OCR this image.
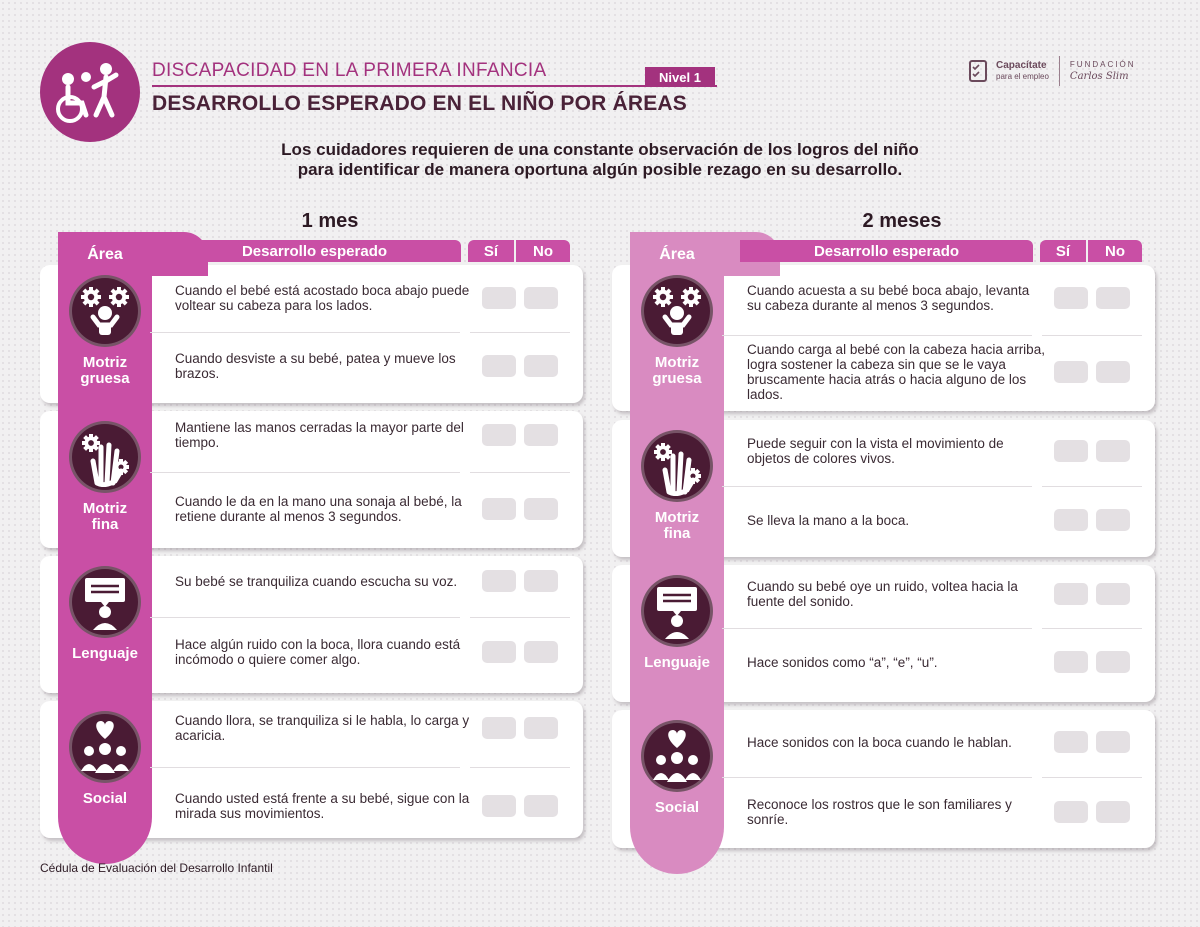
DISCAPACIDAD EN LA PRIMERA INFANCIA	Nivel 1
DESARROLLO ESPERADO EN EL NIÑO POR ÁREAS
Capacítate
para el empleo
FUNDACIÓN
Carlos Slim
Los cuidadores requieren de una constante observación de los logros del niño
para identificar de manera oportuna algún posible rezago en su desarrollo.
1 mes
Área	Desarrollo esperado	Sí	No
Motriz
gruesa
Cuando el bebé está acostado boca abajo puede voltear su cabeza para los lados.
Cuando desviste a su bebé, patea y mueve los brazos.
Motriz
fina
Mantiene las manos cerradas la mayor parte del tiempo.
Cuando le da en la mano una sonaja al bebé, la retiene durante al menos 3 segundos.
Lenguaje

Su bebé se tranquiliza cuando escucha su voz.
Hace algún ruido con la boca, llora cuando está incómodo o quiere comer algo.
Social

Cuando llora, se tranquiliza si le habla, lo carga y acaricia.
Cuando usted está frente a su bebé, sigue con la mirada sus movimientos.
2 meses
Área	Desarrollo esperado	Sí	No
Motriz
gruesa
Cuando acuesta a su bebé boca abajo, levanta su cabeza durante al menos 3 segundos.
Cuando carga al bebé con la cabeza hacia arriba, logra sostener la cabeza sin que se le vaya bruscamente hacia atrás o hacia alguno de los lados.
Motriz
fina
Puede seguir con la vista el movimiento de objetos de colores vivos.
Se lleva la mano a la boca.
Lenguaje

Cuando su bebé oye un ruido, voltea hacia la fuente del sonido.
Hace sonidos como “a”, “e”, “u”.
Social

Hace sonidos con la boca cuando le hablan.
Reconoce los rostros que le son familiares y sonríe.
Cédula de Evaluación del Desarrollo Infantil
